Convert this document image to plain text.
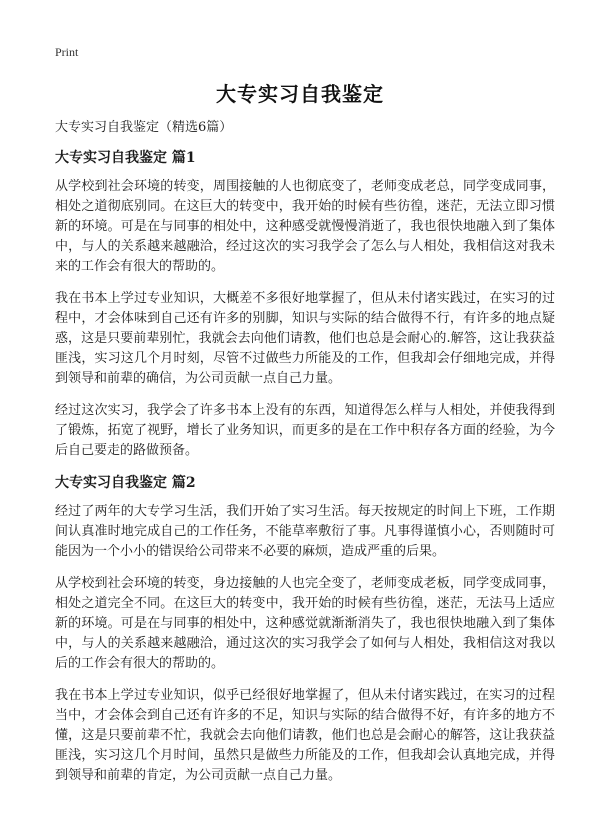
Print
大专实习自我鉴定

大专实习自我鉴定（精选6篇）

大专实习自我鉴定 篇1

从学校到社会环境的转变，周围接触的人也彻底变了，老师变成老总，同学变成同事，相处之道彻底别同。在这巨大的转变中，我开始的时候有些彷徨，迷茫，无法立即习惯新的环境。可是在与同事的相处中，这种感受就慢慢消逝了，我也很快地融入到了集体中，与人的关系越来越融洽，经过这次的实习我学会了怎么与人相处，我相信这对我未来的工作会有很大的帮助的。

我在书本上学过专业知识，大概差不多很好地掌握了，但从未付诸实践过，在实习的过程中，才会体味到自己还有许多的别脚，知识与实际的结合做得不行，有许多的地点疑惑，这是只要前辈别忙，我就会去向他们请教，他们也总是会耐心的.解答，这让我获益匪浅，实习这几个月时刻，尽管不过做些力所能及的工作，但我却会仔细地完成，并得到领导和前辈的确信，为公司贡献一点自己力量。

经过这次实习，我学会了许多书本上没有的东西，知道得怎么样与人相处，并使我得到了锻炼，拓宽了视野，增长了业务知识，而更多的是在工作中积存各方面的经验，为今后自己要走的路做预备。

大专实习自我鉴定 篇2

经过了两年的大专学习生活，我们开始了实习生活。每天按规定的时间上下班，工作期间认真准时地完成自己的工作任务，不能草率敷衍了事。凡事得谨慎小心，否则随时可能因为一个小小的错误给公司带来不必要的麻烦，造成严重的后果。

从学校到社会环境的转变，身边接触的人也完全变了，老师变成老板，同学变成同事，相处之道完全不同。在这巨大的转变中，我开始的时候有些彷徨，迷茫，无法马上适应新的环境。可是在与同事的相处中，这种感觉就渐渐消失了，我也很快地融入到了集体中，与人的关系越来越融洽，通过这次的实习我学会了如何与人相处，我相信这对我以后的工作会有很大的帮助的。

我在书本上学过专业知识，似乎已经很好地掌握了，但从未付诸实践过，在实习的过程当中，才会体会到自己还有许多的不足，知识与实际的结合做得不好，有许多的地方不懂，这是只要前辈不忙，我就会去向他们请教，他们也总是会耐心的解答，这让我获益匪浅，实习这几个月时间，虽然只是做些力所能及的工作，但我却会认真地完成，并得到领导和前辈的肯定，为公司贡献一点自己力量。
